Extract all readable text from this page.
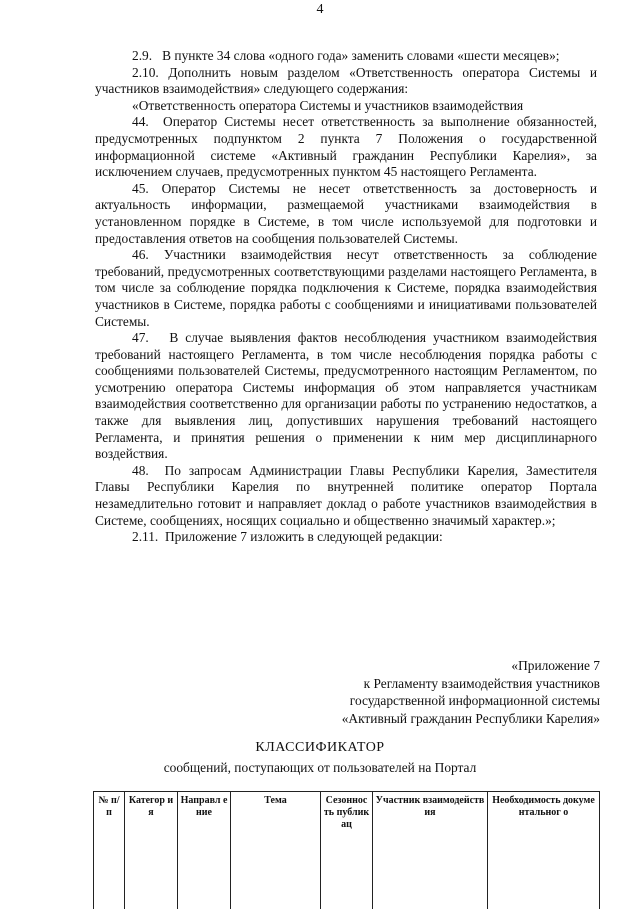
4

2.9.   В пункте 34 слова «одного года» заменить словами «шести месяцев»;

2.10. Дополнить новым разделом «Ответственность оператора Системы и участников взаимодействия» следующего содержания:

«Ответственность оператора Системы и участников взаимодействия

44.  Оператор Системы несет ответственность за выполнение обязанностей, предусмотренных подпунктом 2 пункта 7 Положения о государственной информационной системе «Активный гражданин Республики Карелия», за исключением случаев, предусмотренных пунктом 45 настоящего Регламента.

45. Оператор Системы не несет ответственность за достоверность и актуальность информации, размещаемой участниками взаимодействия в установленном порядке в Системе, в том числе используемой для подготовки и предоставления ответов на сообщения пользователей Системы.

46. Участники взаимодействия несут ответственность за соблюдение требований, предусмотренных соответствующими разделами настоящего Регламента, в том числе за соблюдение порядка подключения к Системе, порядка взаимодействия участников в Системе, порядка работы с сообщениями и инициативами пользователей Системы.

47.   В случае выявления фактов несоблюдения участником взаимодействия требований настоящего Регламента, в том числе несоблюдения порядка работы с сообщениями пользователей Системы, предусмотренного настоящим Регламентом, по усмотрению оператора Системы информация об этом направляется участникам взаимодействия соответственно для организации работы по устранению недостатков, а также для выявления лиц, допустивших нарушения требований настоящего Регламента, и принятия решения о применении к ним мер дисциплинарного воздействия.

48.  По запросам Администрации Главы Республики Карелия, Заместителя Главы Республики Карелия по внутренней политике оператор Портала незамедлительно готовит и направляет доклад о работе участников взаимодействия в Системе, сообщениях, носящих социально и общественно значимый характер.»;

2.11.  Приложение 7 изложить в следующей редакции:

«Приложение 7
к Регламенту взаимодействия участников
государственной информационной системы
«Активный гражданин Республики Карелия»
КЛАССИФИКАТОР
сообщений, поступающих от пользователей на Портал
№ п/п	Категор ия	Направл ение	Тема	Сезоннос ть публикац	Участник взаимодействия	Необходимость документальног о
